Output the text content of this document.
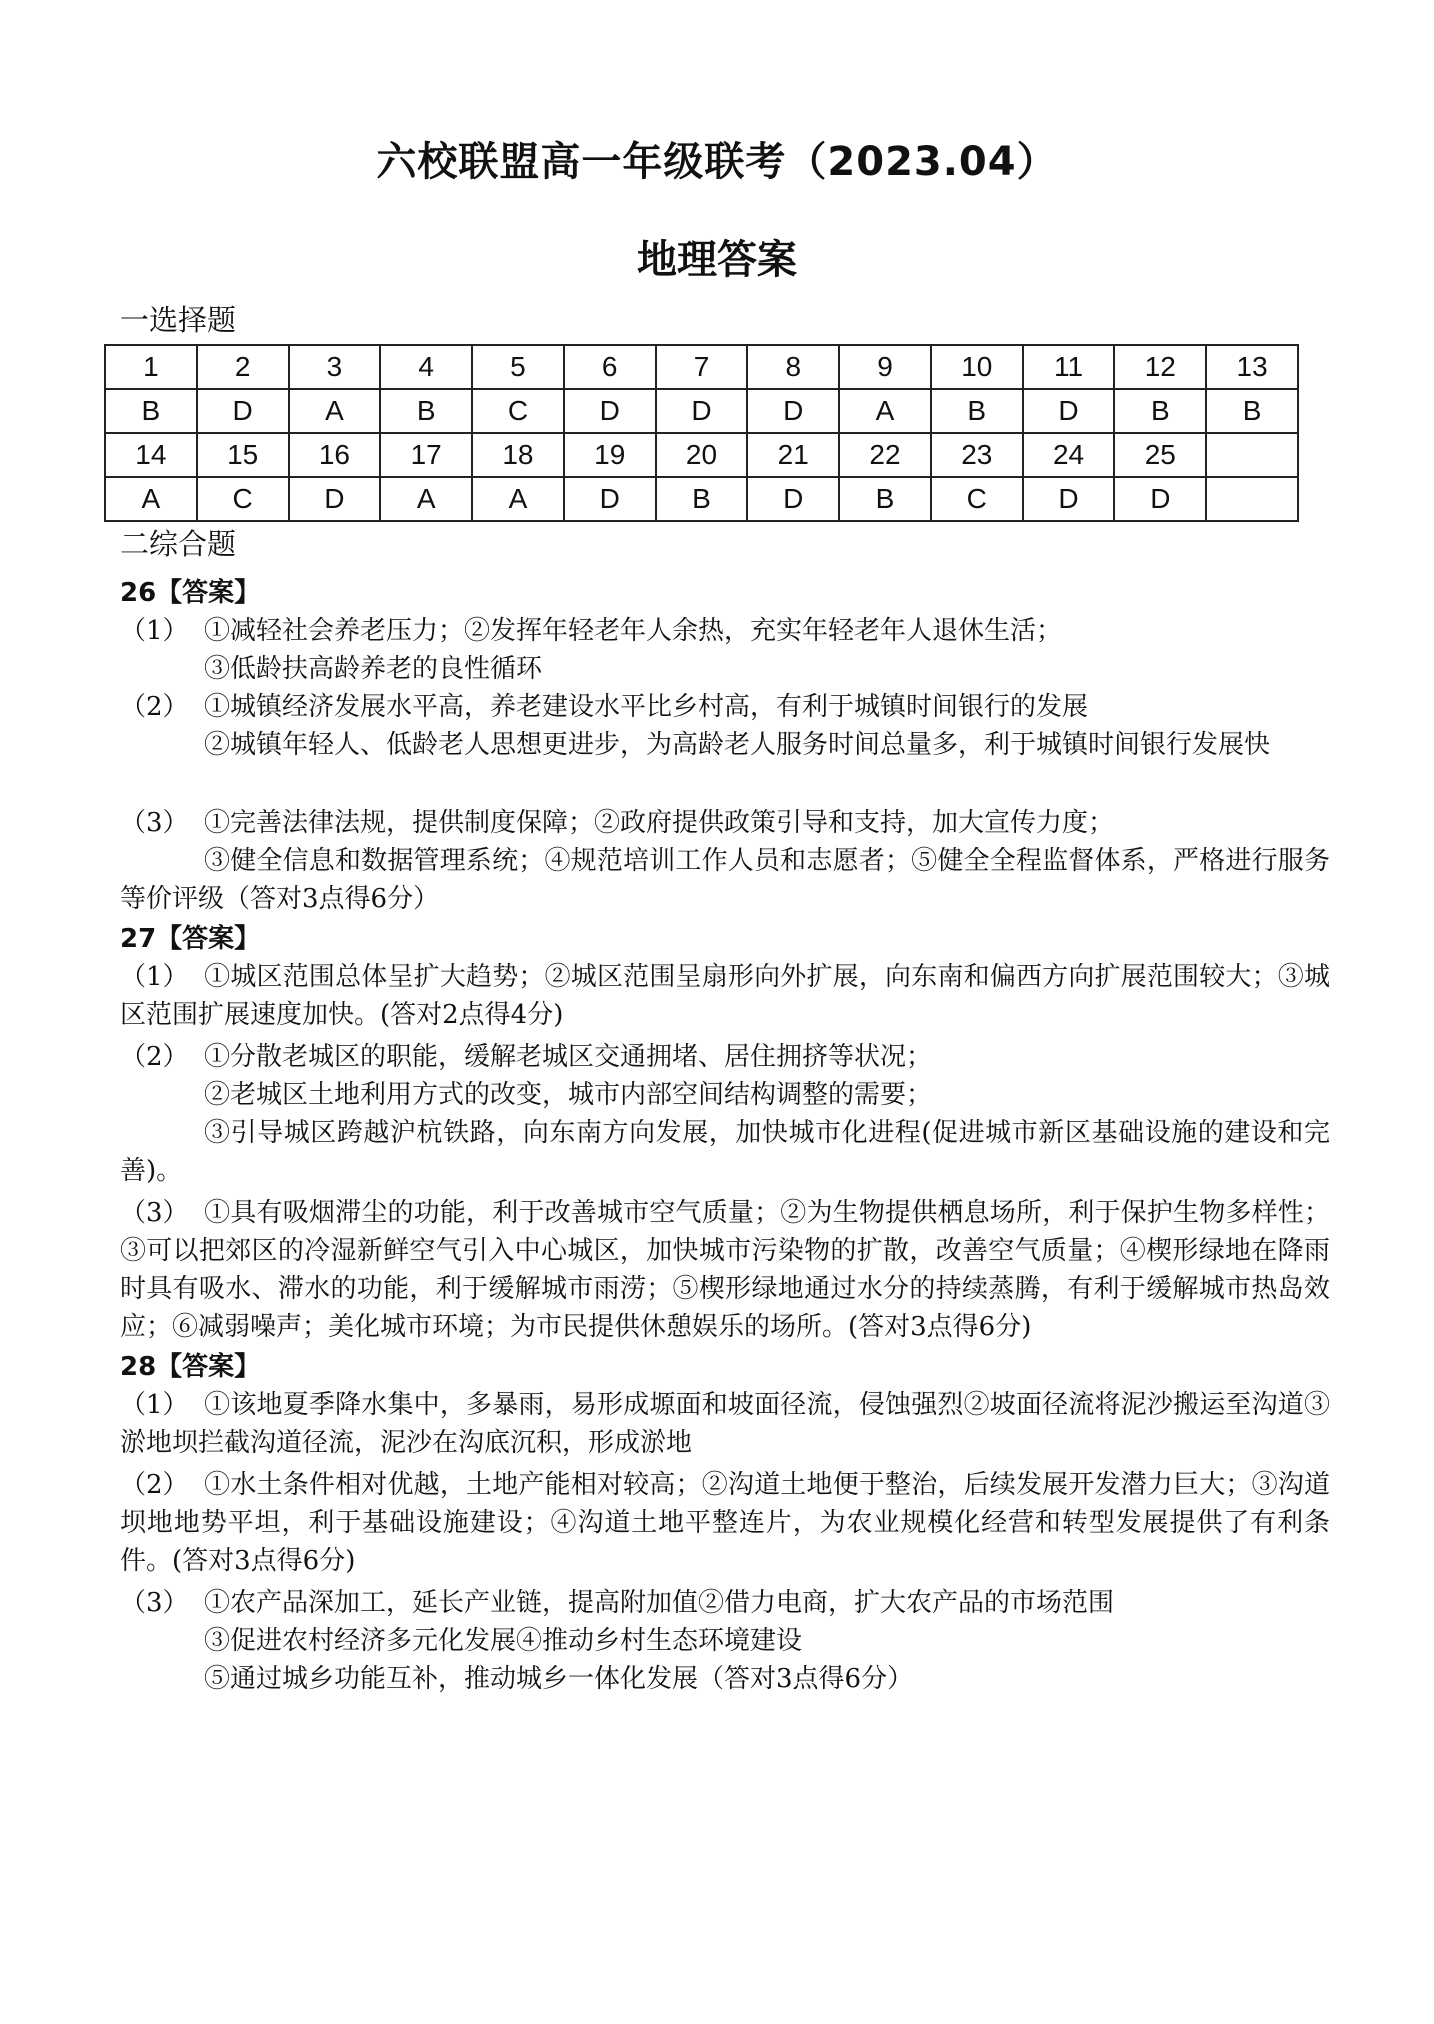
六校联盟高一年级联考（2023.04）
地理答案
一选择题
1	2	3	4	5	6	7	8	9	10	11	12	13
B	D	A	B	C	D	D	D	A	B	D	B	B
14	15	16	17	18	19	20	21	22	23	24	25	
A	C	D	A	A	D	B	D	B	C	D	D	
二综合题
26【答案】
（1） ①减轻社会养老压力；②发挥年轻老年人余热，充实年轻老年人退休生活；
③低龄扶高龄养老的良性循环
（2） ①城镇经济发展水平高，养老建设水平比乡村高，有利于城镇时间银行的发展
②城镇年轻人、低龄老人思想更进步，为高龄老人服务时间总量多，利于城镇时间银行发展快
（3） ①完善法律法规，提供制度保障；②政府提供政策引导和支持，加大宣传力度；
③健全信息和数据管理系统；④规范培训工作人员和志愿者；⑤健全全程监督体系，严格进行服务等价评级（答对3点得6分）
27【答案】
（1） ①城区范围总体呈扩大趋势；②城区范围呈扇形向外扩展，向东南和偏西方向扩展范围较大；③城区范围扩展速度加快。(答对2点得4分)
（2） ①分散老城区的职能，缓解老城区交通拥堵、居住拥挤等状况；
②老城区土地利用方式的改变，城市内部空间结构调整的需要；
③引导城区跨越沪杭铁路，向东南方向发展，加快城市化进程(促进城市新区基础设施的建设和完善)。
（3） ①具有吸烟滞尘的功能，利于改善城市空气质量；②为生物提供栖息场所，利于保护生物多样性；③可以把郊区的冷湿新鲜空气引入中心城区，加快城市污染物的扩散，改善空气质量；④楔形绿地在降雨时具有吸水、滞水的功能，利于缓解城市雨涝；⑤楔形绿地通过水分的持续蒸腾，有利于缓解城市热岛效应；⑥减弱噪声；美化城市环境；为市民提供休憩娱乐的场所。(答对3点得6分)
28【答案】
（1） ①该地夏季降水集中，多暴雨，易形成塬面和坡面径流，侵蚀强烈②坡面径流将泥沙搬运至沟道③淤地坝拦截沟道径流，泥沙在沟底沉积，形成淤地
（2） ①水土条件相对优越，土地产能相对较高；②沟道土地便于整治，后续发展开发潜力巨大；③沟道坝地地势平坦，利于基础设施建设；④沟道土地平整连片，为农业规模化经营和转型发展提供了有利条件。(答对3点得6分)
（3） ①农产品深加工，延长产业链，提高附加值②借力电商，扩大农产品的市场范围
③促进农村经济多元化发展④推动乡村生态环境建设
⑤通过城乡功能互补，推动城乡一体化发展（答对3点得6分）
